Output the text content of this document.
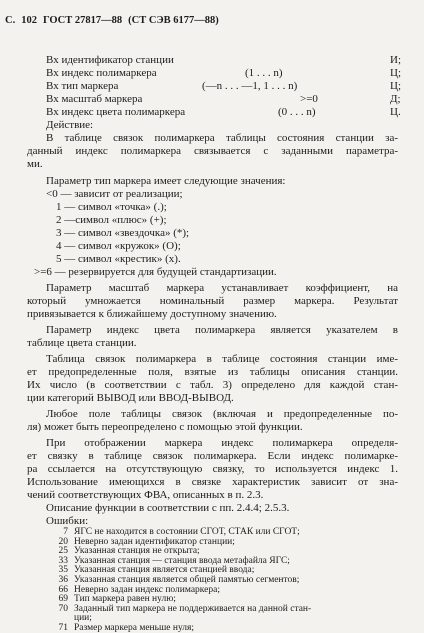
С. 102 ГОСТ 27817—88 (СТ СЭВ 6177—88)
Вх идентификатор станции	И;
Вх индекс полимаркера	(1 . . . n)	Ц;
Вх тип маркера	(—n . . . —1, 1 . . . n)	Ц;
Вх масштаб маркера	>=0	Д;
Вх индекс цвета полимаркера	(0 . . . n)	Ц.
Действие:
В таблице связок полимаркера таблицы состояния станции за-
данный индекс полимаркера связывается с заданными параметра-
ми.
Параметр тип маркера имеет следующие значения:
<0 — зависит от реализации;
1 — символ «точка» (.);
2 —символ «плюс» (+);
3 — символ «звездочка» (*);
4 — символ «кружок» (O);
5 — символ «крестик» (x).
>=6 — резервируется для будущей стандартизации.
Параметр масштаб маркера устанавливает коэффициент, на
который умножается номинальный размер маркера. Результат
привязывается к ближайшему доступному значению.
Параметр индекс цвета полимаркера является указателем в
таблице цвета станции.
Таблица связок полимаркера в таблице состояния станции име-
ет предопределенные поля, взятые из таблицы описания станции.
Их число (в соответствии с табл. 3) определено для каждой стан-
ции категорий ВЫВОД или ВВОД-ВЫВОД.
Любое поле таблицы связок (включая и предопределенные по-
ля) может быть переопределено с помощью этой функции.
При отображении маркера индекс полимаркера определя-
ет связку в таблице связок полимаркера. Если индекс полимарке-
ра ссылается на отсутствующую связку, то используется индекс 1.
Использование имеющихся в связке характеристик зависит от зна-
чений соответствующих ФВА, описанных в п. 2.3.
Описание функции в соответствии с пп. 2.4.4; 2.5.3.
Ошибки:
7 ЯГС не находится в состоянии СГОТ, СТАК или СГОТ;
20 Неверно задан идентификатор станции;
25 Указанная станция не открыта;
33 Указанная станция — станция ввода метафайла ЯГС;
35 Указанная станция является станцией ввода;
36 Указанная станция является общей памятью сегментов;
66 Неверно задан индекс полимаркера;
69 Тип маркера равен нулю;
70 Заданный тип маркера не поддерживается на данной стан-
ции;
71 Размер маркера меньше нуля;
